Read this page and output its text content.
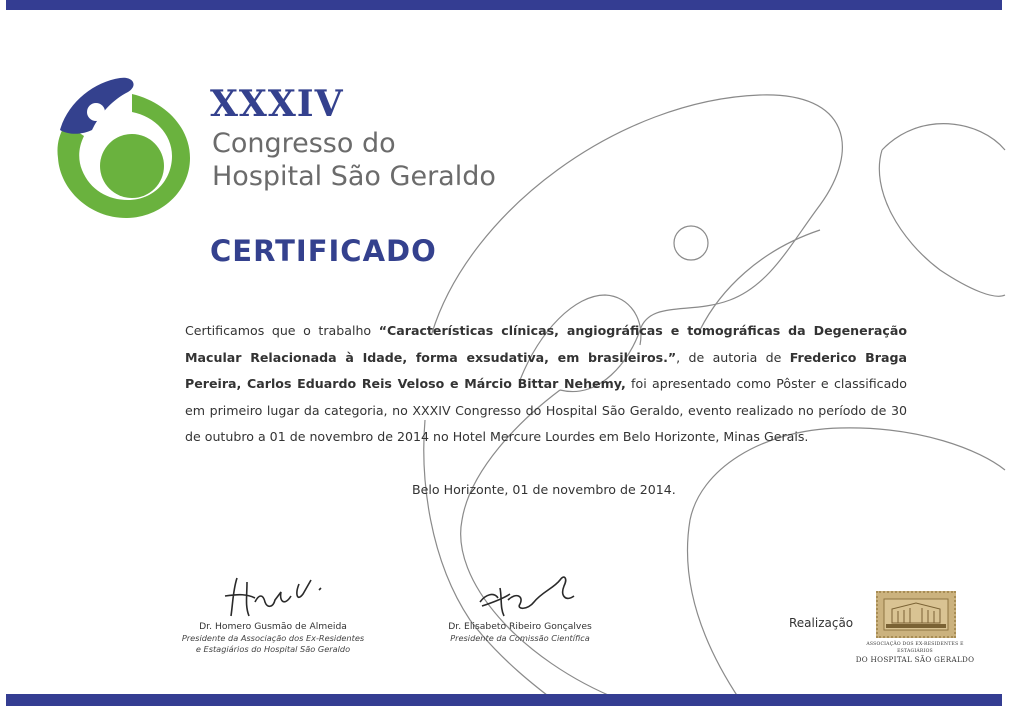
XXXIV

Congresso do

Hospital São Geraldo

CERTIFICADO

Certificamos que o trabalho “Características clínicas, angiográficas e tomográficas da Degeneração Macular Relacionada à Idade, forma exsudativa, em brasileiros.”, de autoria de Frederico Braga Pereira, Carlos Eduardo Reis Veloso e Márcio Bittar Nehemy, foi apresentado como Pôster e classificado em primeiro lugar da categoria, no XXXIV Congresso do Hospital São Geraldo, evento realizado no período de 30 de outubro a 01 de novembro de 2014 no Hotel Mercure Lourdes em Belo Horizonte, Minas Gerais.

Belo Horizonte, 01 de novembro de 2014.

Dr. Homero Gusmão de Almeida

Presidente da Associação dos Ex-Residentes

e Estagiários do Hospital São Geraldo

Dr. Elisabeto Ribeiro Gonçalves

Presidente da Comissão Científica

Realização

ASSOCIAÇÃO DOS EX-RESIDENTES E ESTAGIÁRIOS
DO HOSPITAL SÃO GERALDO
